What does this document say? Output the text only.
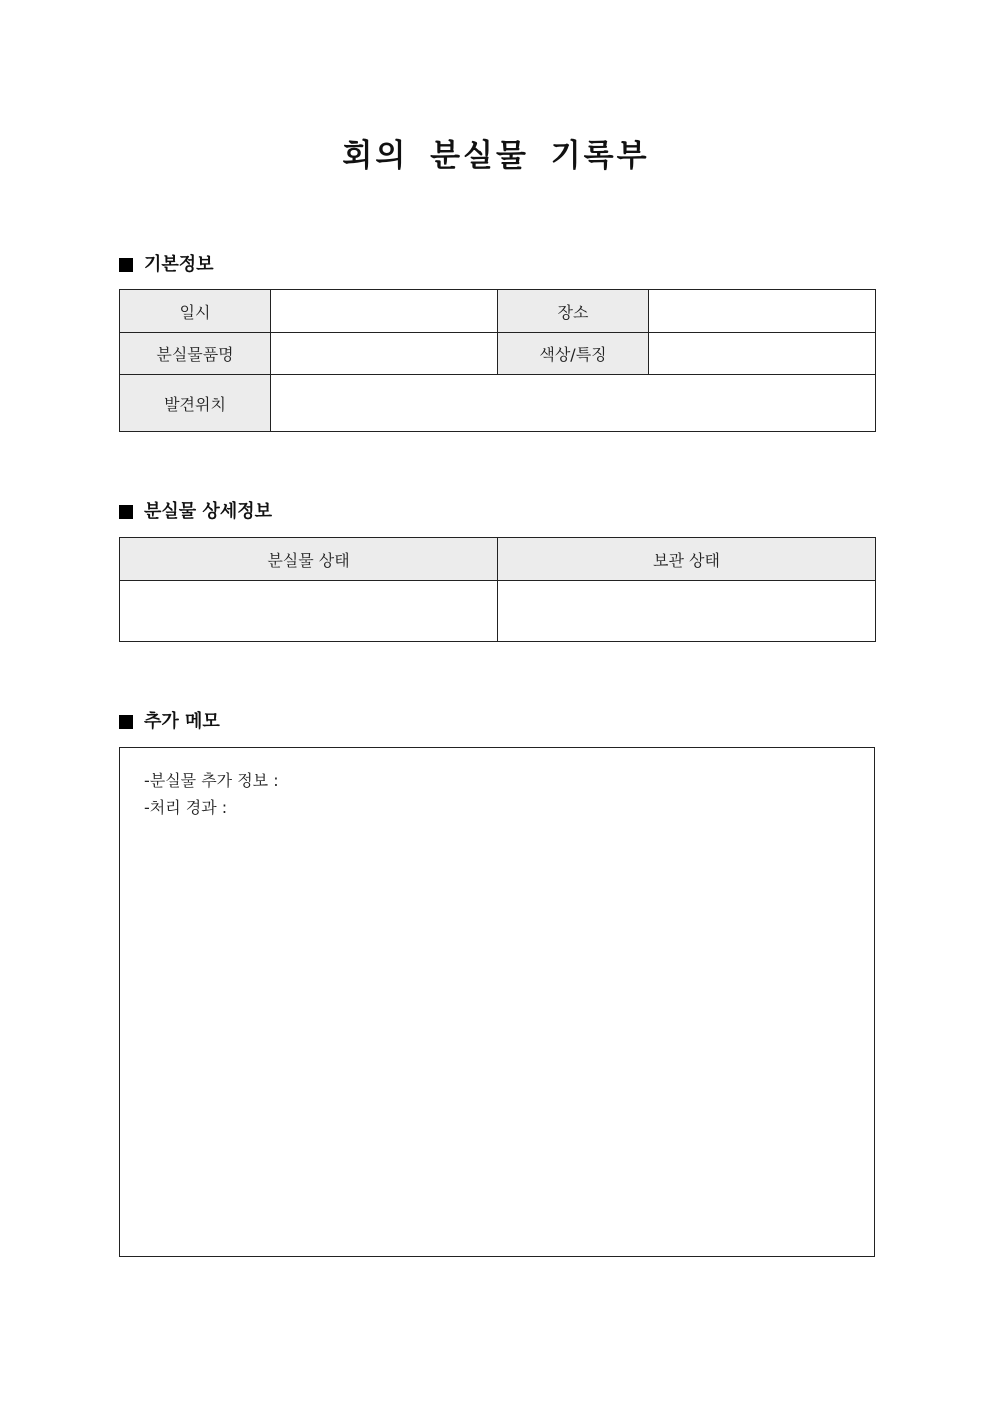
회의 분실물 기록부
기본정보
일시		장소	
분실물품명		색상/특징	
발견위치			
분실물 상세정보
분실물 상태	보관 상태

추가 메모
-분실물 추가 정보 :
-처리 경과 :
